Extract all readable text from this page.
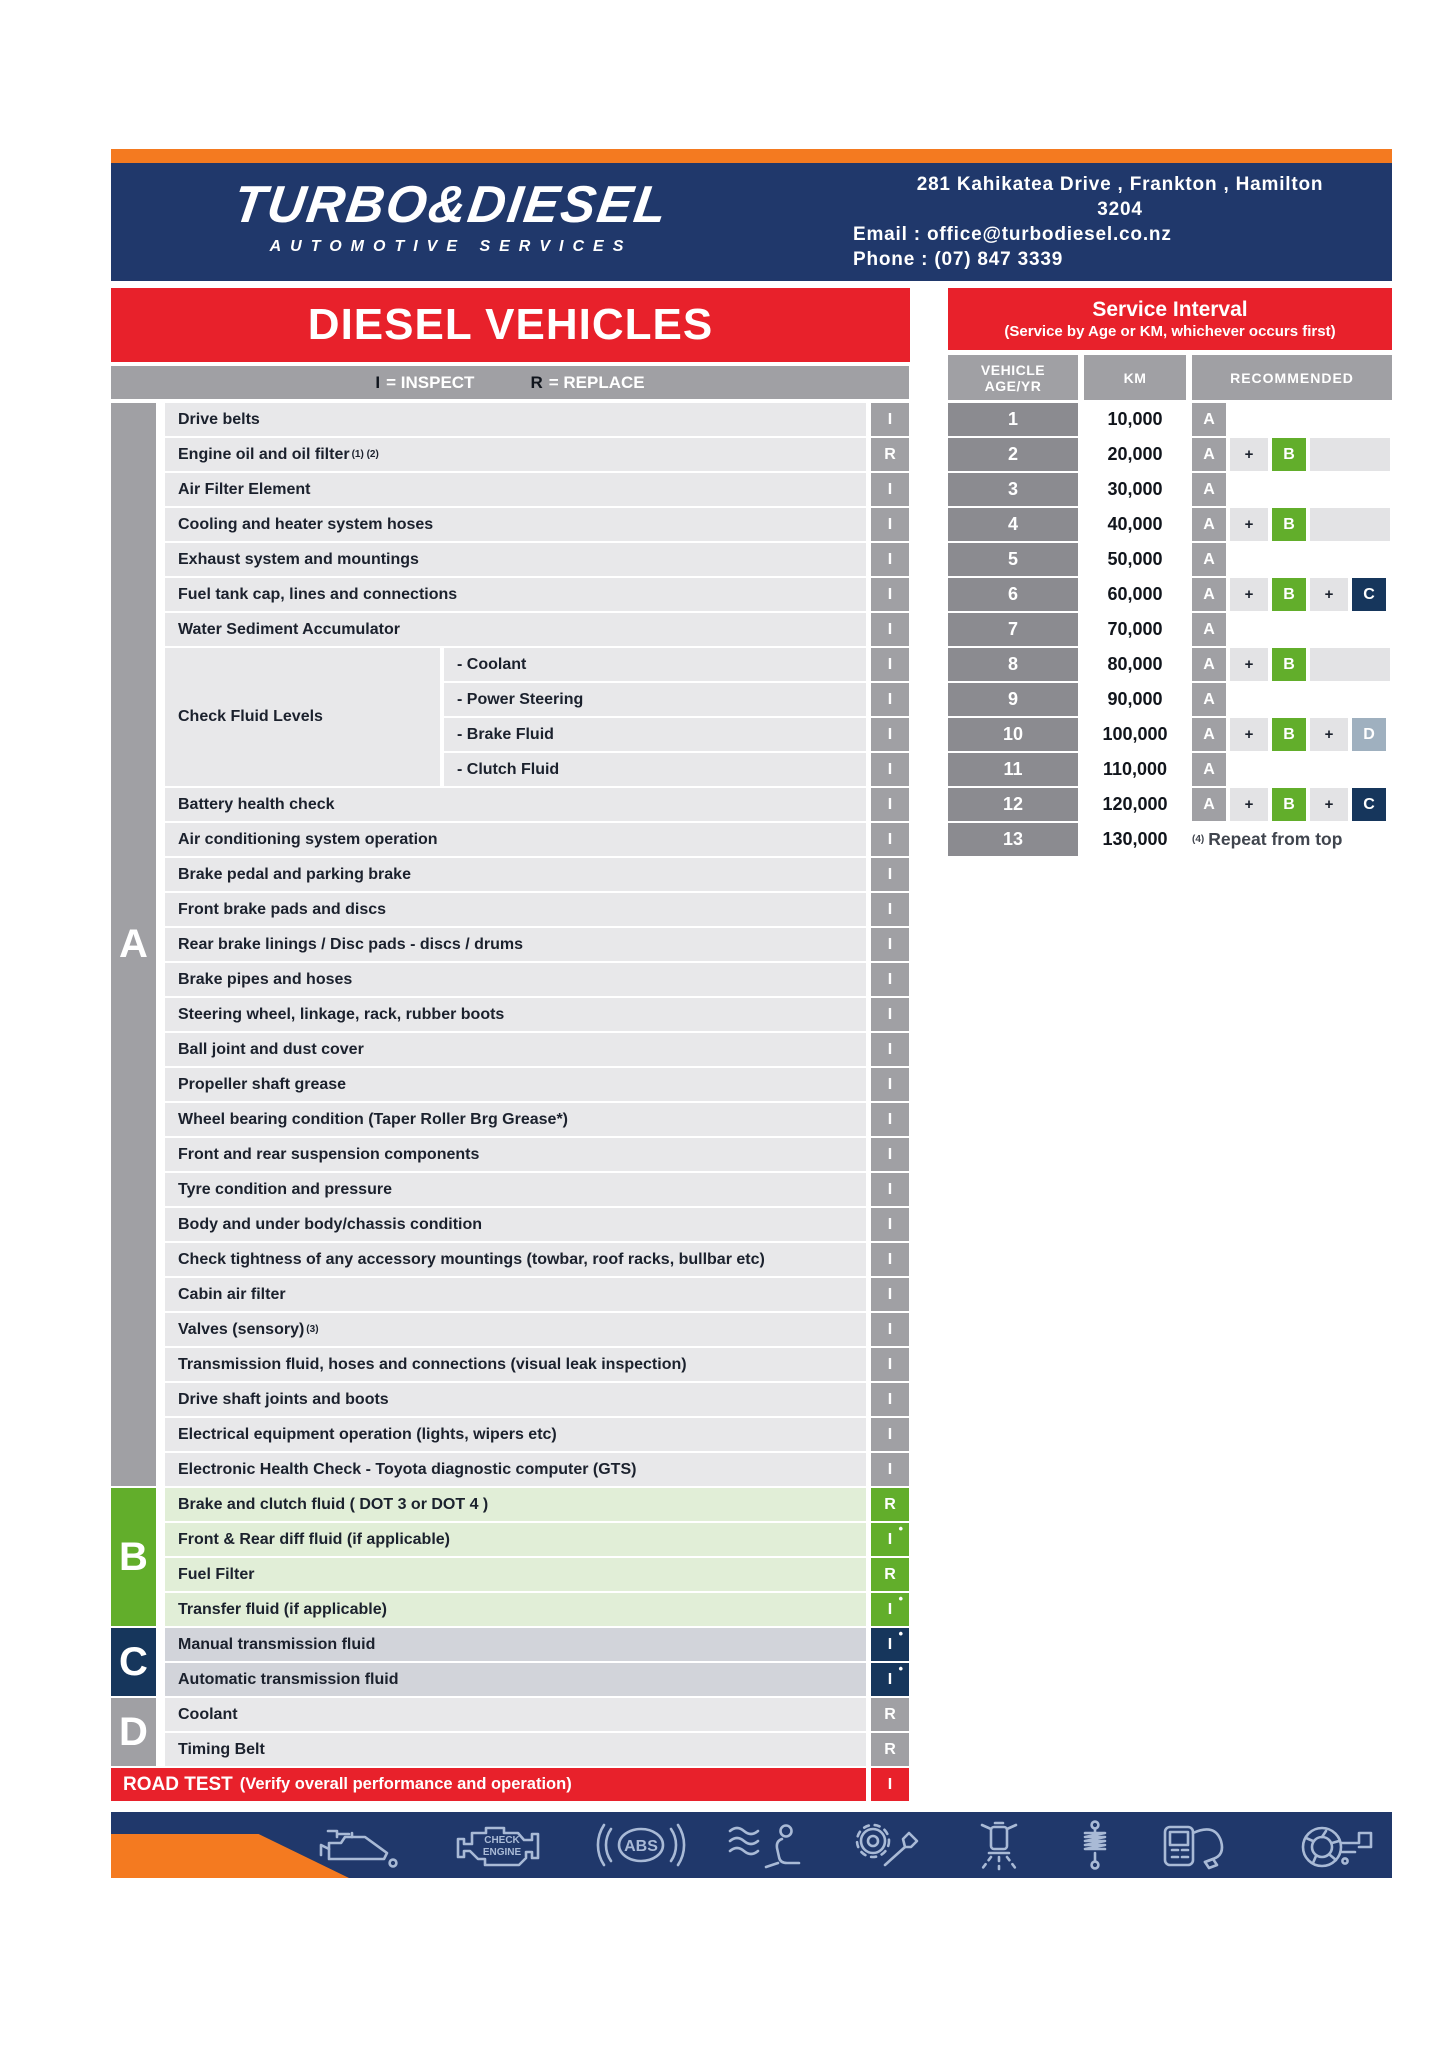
TURBO&DIESEL
AUTOMOTIVE SERVICES
281 Kahikatea Drive , Frankton , Hamilton
3204
Email : office@turbodiesel.co.nz
Phone : (07) 847 3339
DIESEL VEHICLES
I = INSPECT	R = REPLACE
A
Drive belts	I
Engine oil and oil filter (1) (2)	R
Air Filter Element	I
Cooling and heater system hoses	I
Exhaust system and mountings	I
Fuel tank cap, lines and connections	I
Water Sediment Accumulator	I
Check Fluid Levels
- Coolant	I
- Power Steering	I
- Brake Fluid	I
- Clutch Fluid	I
Battery health check	I
Air conditioning system operation	I
Brake pedal and parking brake	I
Front brake pads and discs	I
Rear brake linings / Disc pads - discs / drums	I
Brake pipes and hoses	I
Steering wheel, linkage, rack, rubber boots	I
Ball joint and dust cover	I
Propeller shaft grease	I
Wheel bearing condition (Taper Roller Brg Grease*)	I
Front and rear suspension components	I
Tyre condition and pressure	I
Body and under body/chassis condition	I
Check tightness of any accessory mountings (towbar, roof racks, bullbar etc)	I
Cabin air filter	I
Valves (sensory) (3)	I
Transmission fluid, hoses and connections (visual leak inspection)	I
Drive shaft joints and boots	I
Electrical equipment operation (lights, wipers etc)	I
Electronic Health Check - Toyota diagnostic computer (GTS)	I
B
Brake and clutch fluid ( DOT 3 or DOT 4 )	R
Front & Rear diff fluid (if applicable)	I
•
Fuel Filter	R
Transfer fluid (if applicable)	I
•
C	Manual transmission fluid	I
•
Automatic transmission fluid	I
•
D	Coolant	R
Timing Belt	R
ROAD TEST (Verify overall performance and operation)	I
Service Interval
(Service by Age or KM, whichever occurs first)
VEHICLE
AGE/YR	KM	RECOMMENDED
1	10,000	A
2	20,000	A	+	B
3	30,000	A
4	40,000	A	+	B
5	50,000	A
6	60,000	A	+	B	+	C
7	70,000	A
8	80,000	A	+	B
9	90,000	A
10	100,000	A	+	B	+	D
11	110,000	A
12	120,000	A	+	B	+	C
13	130,000	(4) Repeat from top
CHECK
ENGINE	ABS
